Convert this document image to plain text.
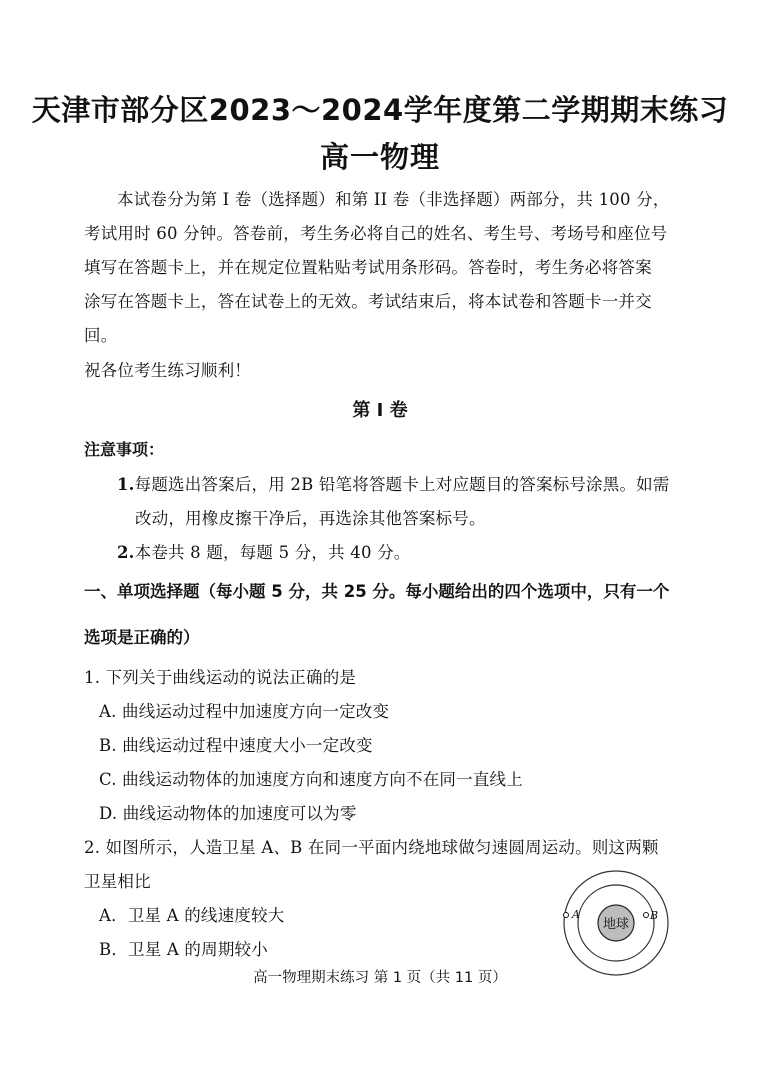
天津市部分区2023～2024学年度第二学期期末练习
高一物理
本试卷分为第 I 卷（选择题）和第 II 卷（非选择题）两部分，共 100 分，
考试用时 60 分钟。答卷前，考生务必将自己的姓名、考生号、考场号和座位号
填写在答题卡上，并在规定位置粘贴考试用条形码。答卷时，考生务必将答案
涂写在答题卡上，答在试卷上的无效。考试结束后，将本试卷和答题卡一并交
回。
祝各位考生练习顺利！
第 I 卷
注意事项：
1.每题选出答案后，用 2B 铅笔将答题卡上对应题目的答案标号涂黑。如需
改动，用橡皮擦干净后，再选涂其他答案标号。
2.本卷共 8 题，每题 5 分，共 40 分。
一、单项选择题（每小题 5 分，共 25 分。每小题给出的四个选项中，只有一个
选项是正确的）
1. 下列关于曲线运动的说法正确的是
A. 曲线运动过程中加速度方向一定改变
B. 曲线运动过程中速度大小一定改变
C. 曲线运动物体的加速度方向和速度方向不在同一直线上
D. 曲线运动物体的加速度可以为零
2. 如图所示，人造卫星 A、B 在同一平面内绕地球做匀速圆周运动。则这两颗
卫星相比
A．卫星 A 的线速度较大
B．卫星 A 的周期较小
地球
A	B
高一物理期末练习 第 1 页（共 11 页）
